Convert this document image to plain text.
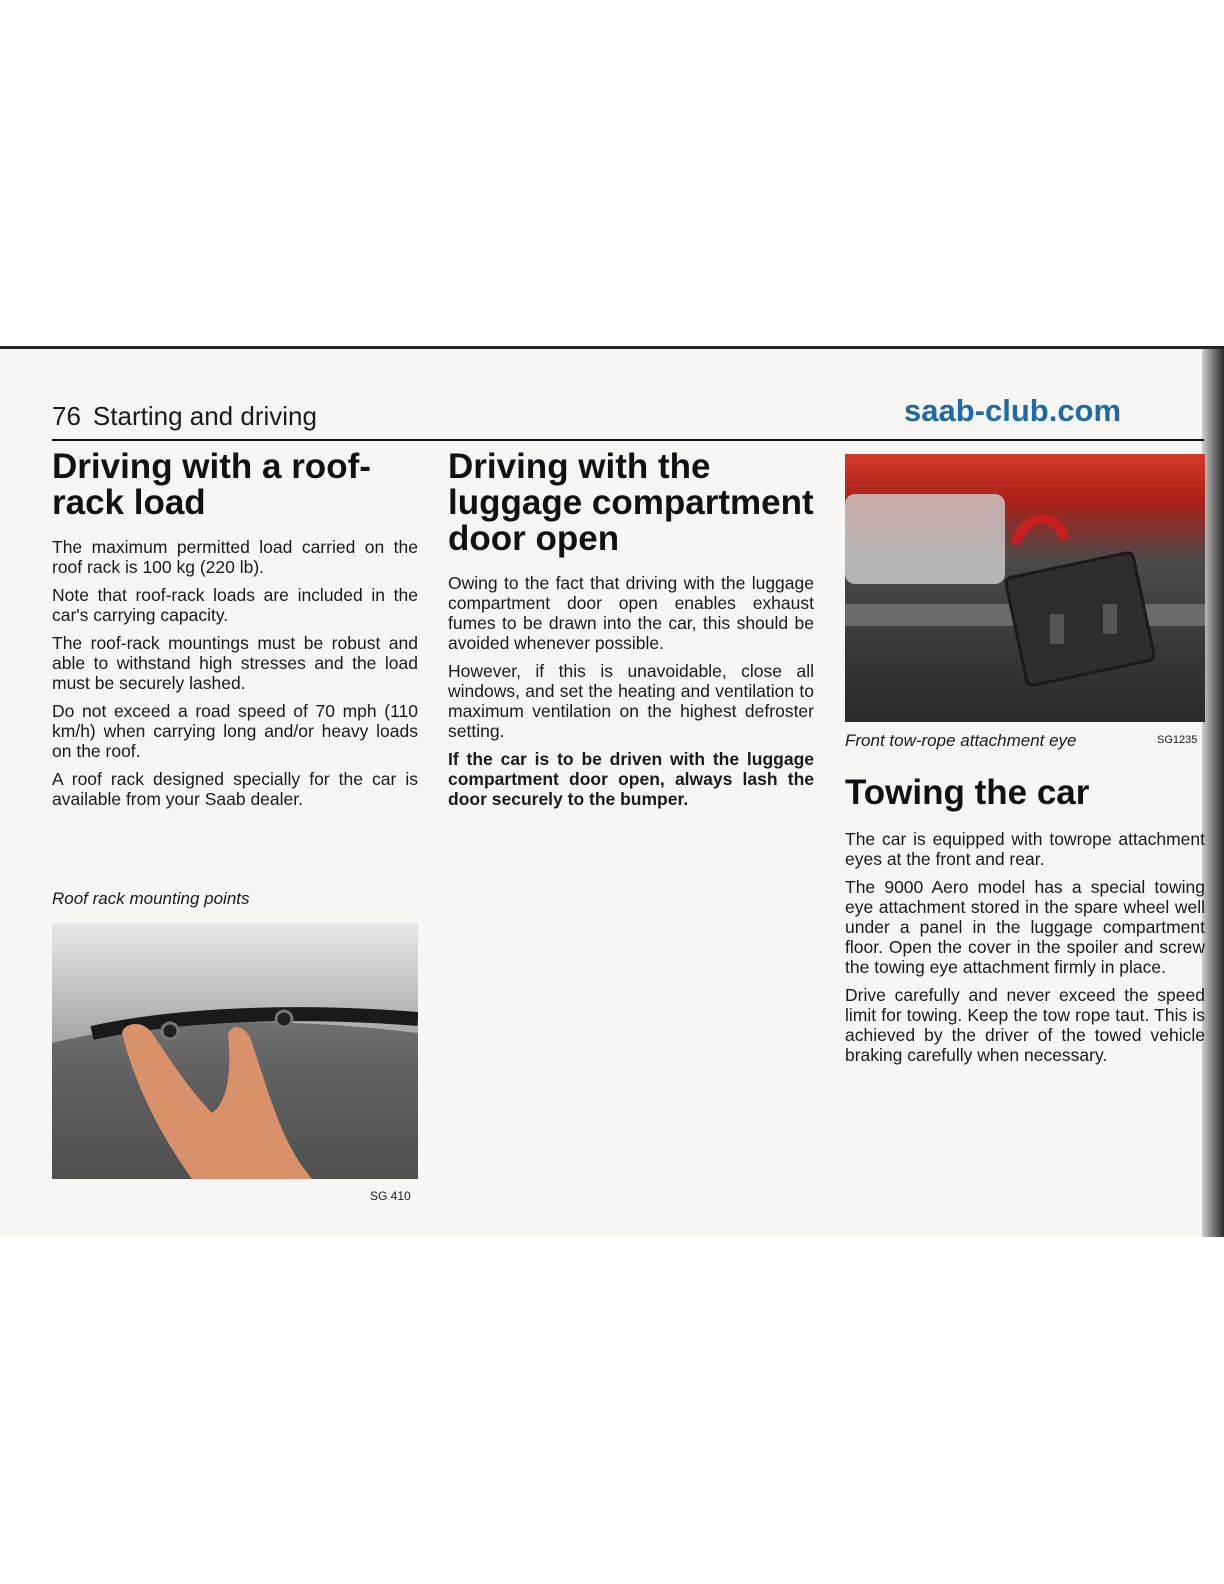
76 Starting and driving	saab-club.com
Driving with a roof-rack load

The maximum permitted load carried on the roof rack is 100 kg (220 lb).

Note that roof-rack loads are included in the car's carrying capacity.

The roof-rack mountings must be robust and able to withstand high stresses and the load must be securely lashed.

Do not exceed a road speed of 70 mph (110 km/h) when carrying long and/or heavy loads on the roof.

A roof rack designed specially for the car is available from your Saab dealer.

Roof rack mounting points
SG 410
Driving with the luggage compartment door open

Owing to the fact that driving with the luggage compartment door open enables exhaust fumes to be drawn into the car, this should be avoided whenever possible.

However, if this is unavoidable, close all windows, and set the heating and ventilation to maximum ventilation on the highest defroster setting.

If the car is to be driven with the luggage compartment door open, always lash the door securely to the bumper.

Front tow-rope attachment eye	SG1235
Towing the car

The car is equipped with towrope attachment eyes at the front and rear.

The 9000 Aero model has a special towing eye attachment stored in the spare wheel well under a panel in the luggage compartment floor. Open the cover in the spoiler and screw the towing eye attachment firmly in place.

Drive carefully and never exceed the speed limit for towing. Keep the tow rope taut. This is achieved by the driver of the towed vehicle braking carefully when necessary.
